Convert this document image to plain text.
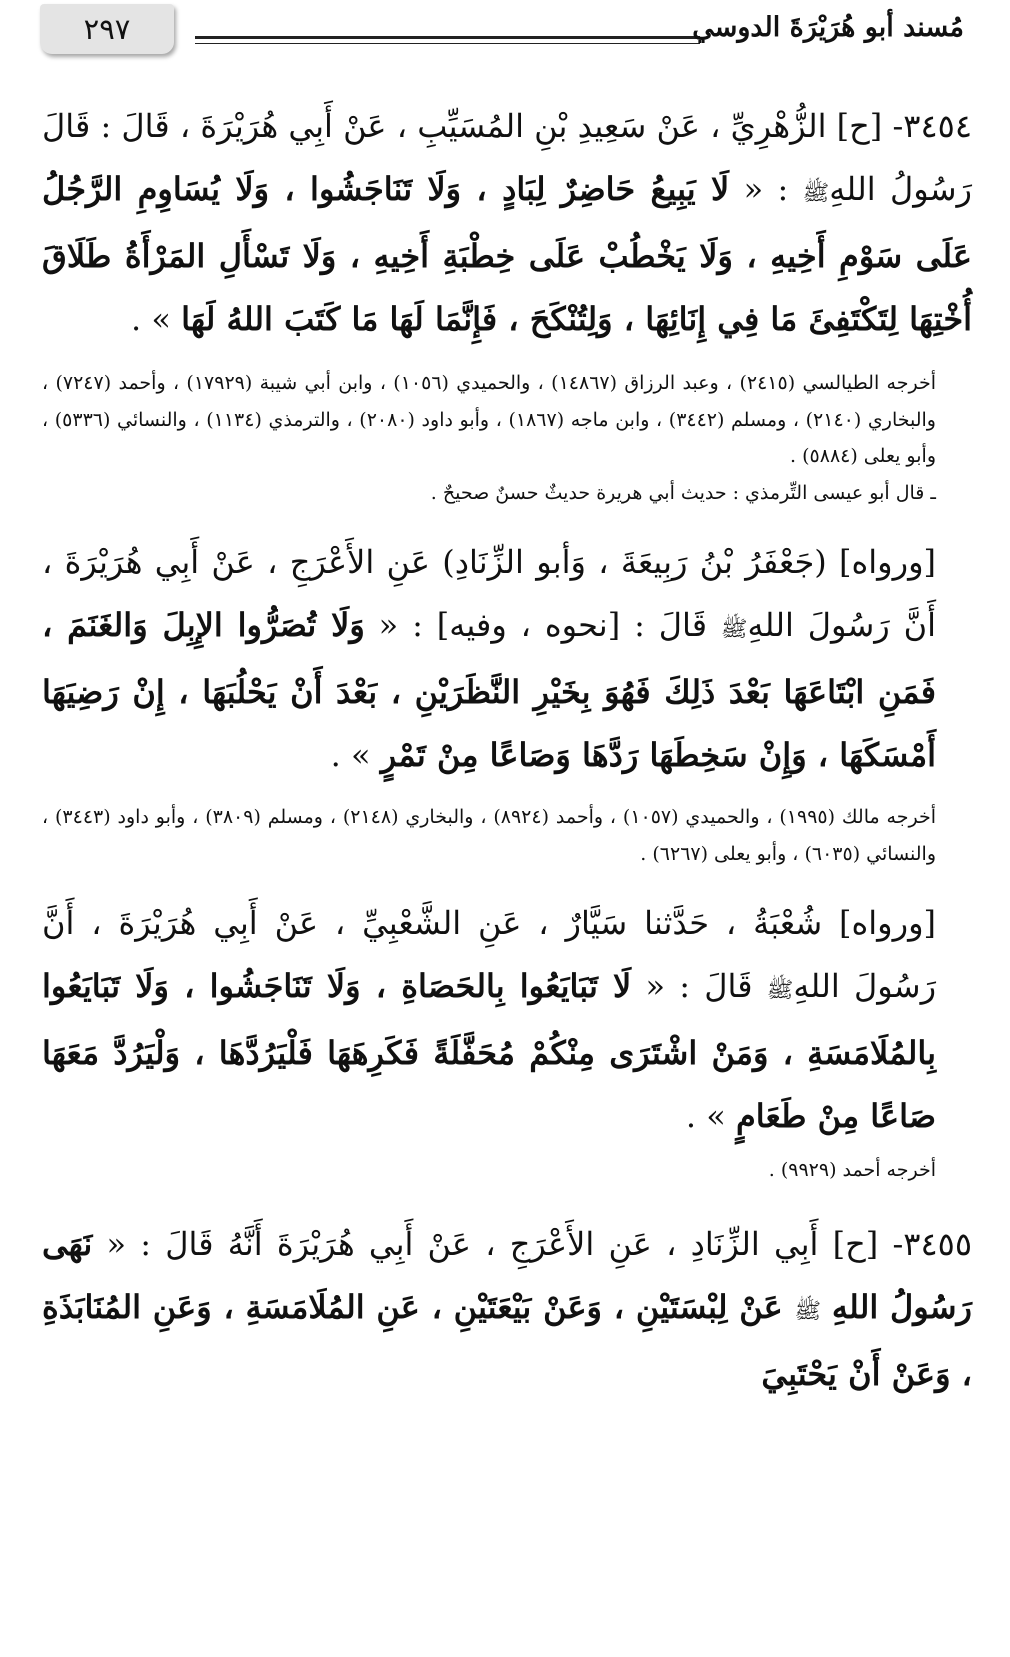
٢٩٧	مُسند أبو هُرَيْرَةَ الدوسي

٣٤٥٤- [ح] الزُّهْرِيِّ ، عَنْ سَعِيدِ بْنِ المُسَيِّبِ ، عَنْ أَبِي هُرَيْرَةَ ، قَالَ : قَالَ رَسُولُ اللهِﷺ : « لَا يَبِيعُ حَاضِرٌ لِبَادٍ ، وَلَا تَنَاجَشُوا ، وَلَا يُسَاوِمِ الرَّجُلُ عَلَى سَوْمِ أَخِيهِ ، وَلَا يَخْطُبْ عَلَى خِطْبَةِ أَخِيهِ ، وَلَا تَسْأَلِ المَرْأَةُ طَلَاقَ أُخْتِهَا لِتَكْتَفِئَ مَا فِي إِنَائِهَا ، وَلِتُنْكَحَ ، فَإِنَّمَا لَهَا مَا كَتَبَ اللهُ لَهَا » .

أخرجه الطيالسي (٢٤١٥) ، وعبد الرزاق (١٤٨٦٧) ، والحميدي (١٠٥٦) ، وابن أبي شيبة (١٧٩٢٩) ، وأحمد (٧٢٤٧) ، والبخاري (٢١٤٠) ، ومسلم (٣٤٤٢) ، وابن ماجه (١٨٦٧) ، وأبو داود (٢٠٨٠) ، والترمذي (١١٣٤) ، والنسائي (٥٣٣٦) ، وأبو يعلى (٥٨٨٤) .

ـ قال أبو عيسى التِّرمذي : حديث أبي هريرة حديثٌ حسنٌ صحيحٌ .

[ورواه] (جَعْفَرُ بْنُ رَبِيعَةَ ، وَأبو الزِّنَادِ) عَنِ الأَعْرَجِ ، عَنْ أَبِي هُرَيْرَةَ ، أَنَّ رَسُولَ اللهِﷺ قَالَ : [نحوه ، وفيه] : « وَلَا تُصَرُّوا الإِبِلَ وَالغَنَمَ ، فَمَنِ ابْتَاعَهَا بَعْدَ ذَلِكَ فَهُوَ بِخَيْرِ النَّظَرَيْنِ ، بَعْدَ أَنْ يَحْلُبَهَا ، إِنْ رَضِيَهَا أَمْسَكَهَا ، وَإِنْ سَخِطَهَا رَدَّهَا وَصَاعًا مِنْ تَمْرٍ » .

أخرجه مالك (١٩٩٥) ، والحميدي (١٠٥٧) ، وأحمد (٨٩٢٤) ، والبخاري (٢١٤٨) ، ومسلم (٣٨٠٩) ، وأبو داود (٣٤٤٣) ، والنسائي (٦٠٣٥) ، وأبو يعلى (٦٢٦٧) .

[ورواه] شُعْبَةُ ، حَدَّثنا سَيَّارٌ ، عَنِ الشَّعْبِيِّ ، عَنْ أَبِي هُرَيْرَةَ ، أَنَّ رَسُولَ اللهِﷺ قَالَ : « لَا تَبَايَعُوا بِالحَصَاةِ ، وَلَا تَنَاجَشُوا ، وَلَا تَبَايَعُوا بِالمُلَامَسَةِ ، وَمَنْ اشْتَرَى مِنْكُمْ مُحَفَّلَةً فَكَرِهَهَا فَلْيَرُدَّهَا ، وَلْيَرُدَّ مَعَهَا صَاعًا مِنْ طَعَامٍ » .

أخرجه أحمد (٩٩٢٩) .

٣٤٥٥- [ح] أَبِي الزِّنَادِ ، عَنِ الأَعْرَجِ ، عَنْ أَبِي هُرَيْرَةَ أَنَّهُ قَالَ : « نَهَى رَسُولُ اللهِ ﷺ عَنْ لِبْسَتَيْنِ ، وَعَنْ بَيْعَتَيْنِ ، عَنِ المُلَامَسَةِ ، وَعَنِ المُنَابَذَةِ ، وَعَنْ أَنْ يَحْتَبِيَ
